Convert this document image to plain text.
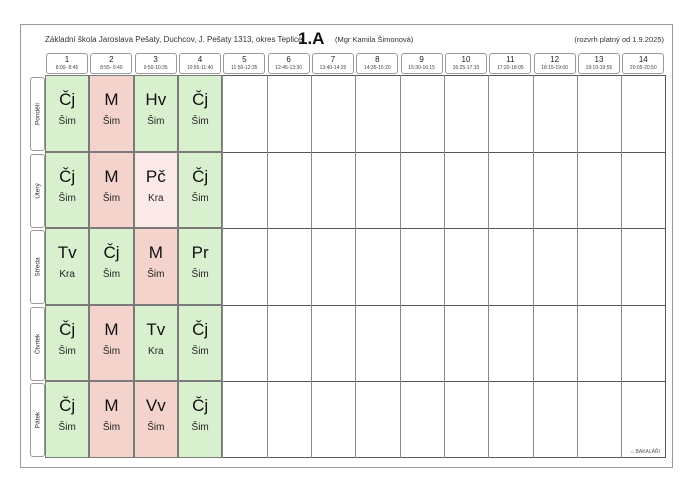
Základní škola Jaroslava Pešaty, Duchcov, J. Pešaty 1313, okres Teplice
1.A (Mgr Kamila Šimonová)	(rozvrh platný od 1.9.2025)
1
8:00- 8:45
2
8:55- 9:40
3
9:50-10:35
4
10:55-11:40
5
11:50-12:35
6
12:45-13:30
7
13:40-14:25
8
14:35-15:20
9
15:30-16:15
10
16:25-17:10
11
17:20-18:05
12
18:15-19:00
13
19:10-19:55
14
20:05-20:50
Pondělí
Úterý
Středa
Čtvrtek
Pátek
Čj
Šim
M
Šim
Hv
Šim
Čj
Šim
Čj
Šim
M
Šim
Pč
Kra
Čj
Šim
Tv
Kra
Čj
Šim
M
Šim
Pr
Šim
Čj
Šim
M
Šim
Tv
Kra
Čj
Šim
Čj
Šim
M
Šim
Vv
Šim
Čj
Šim
⌂ BAKALÁŘI
